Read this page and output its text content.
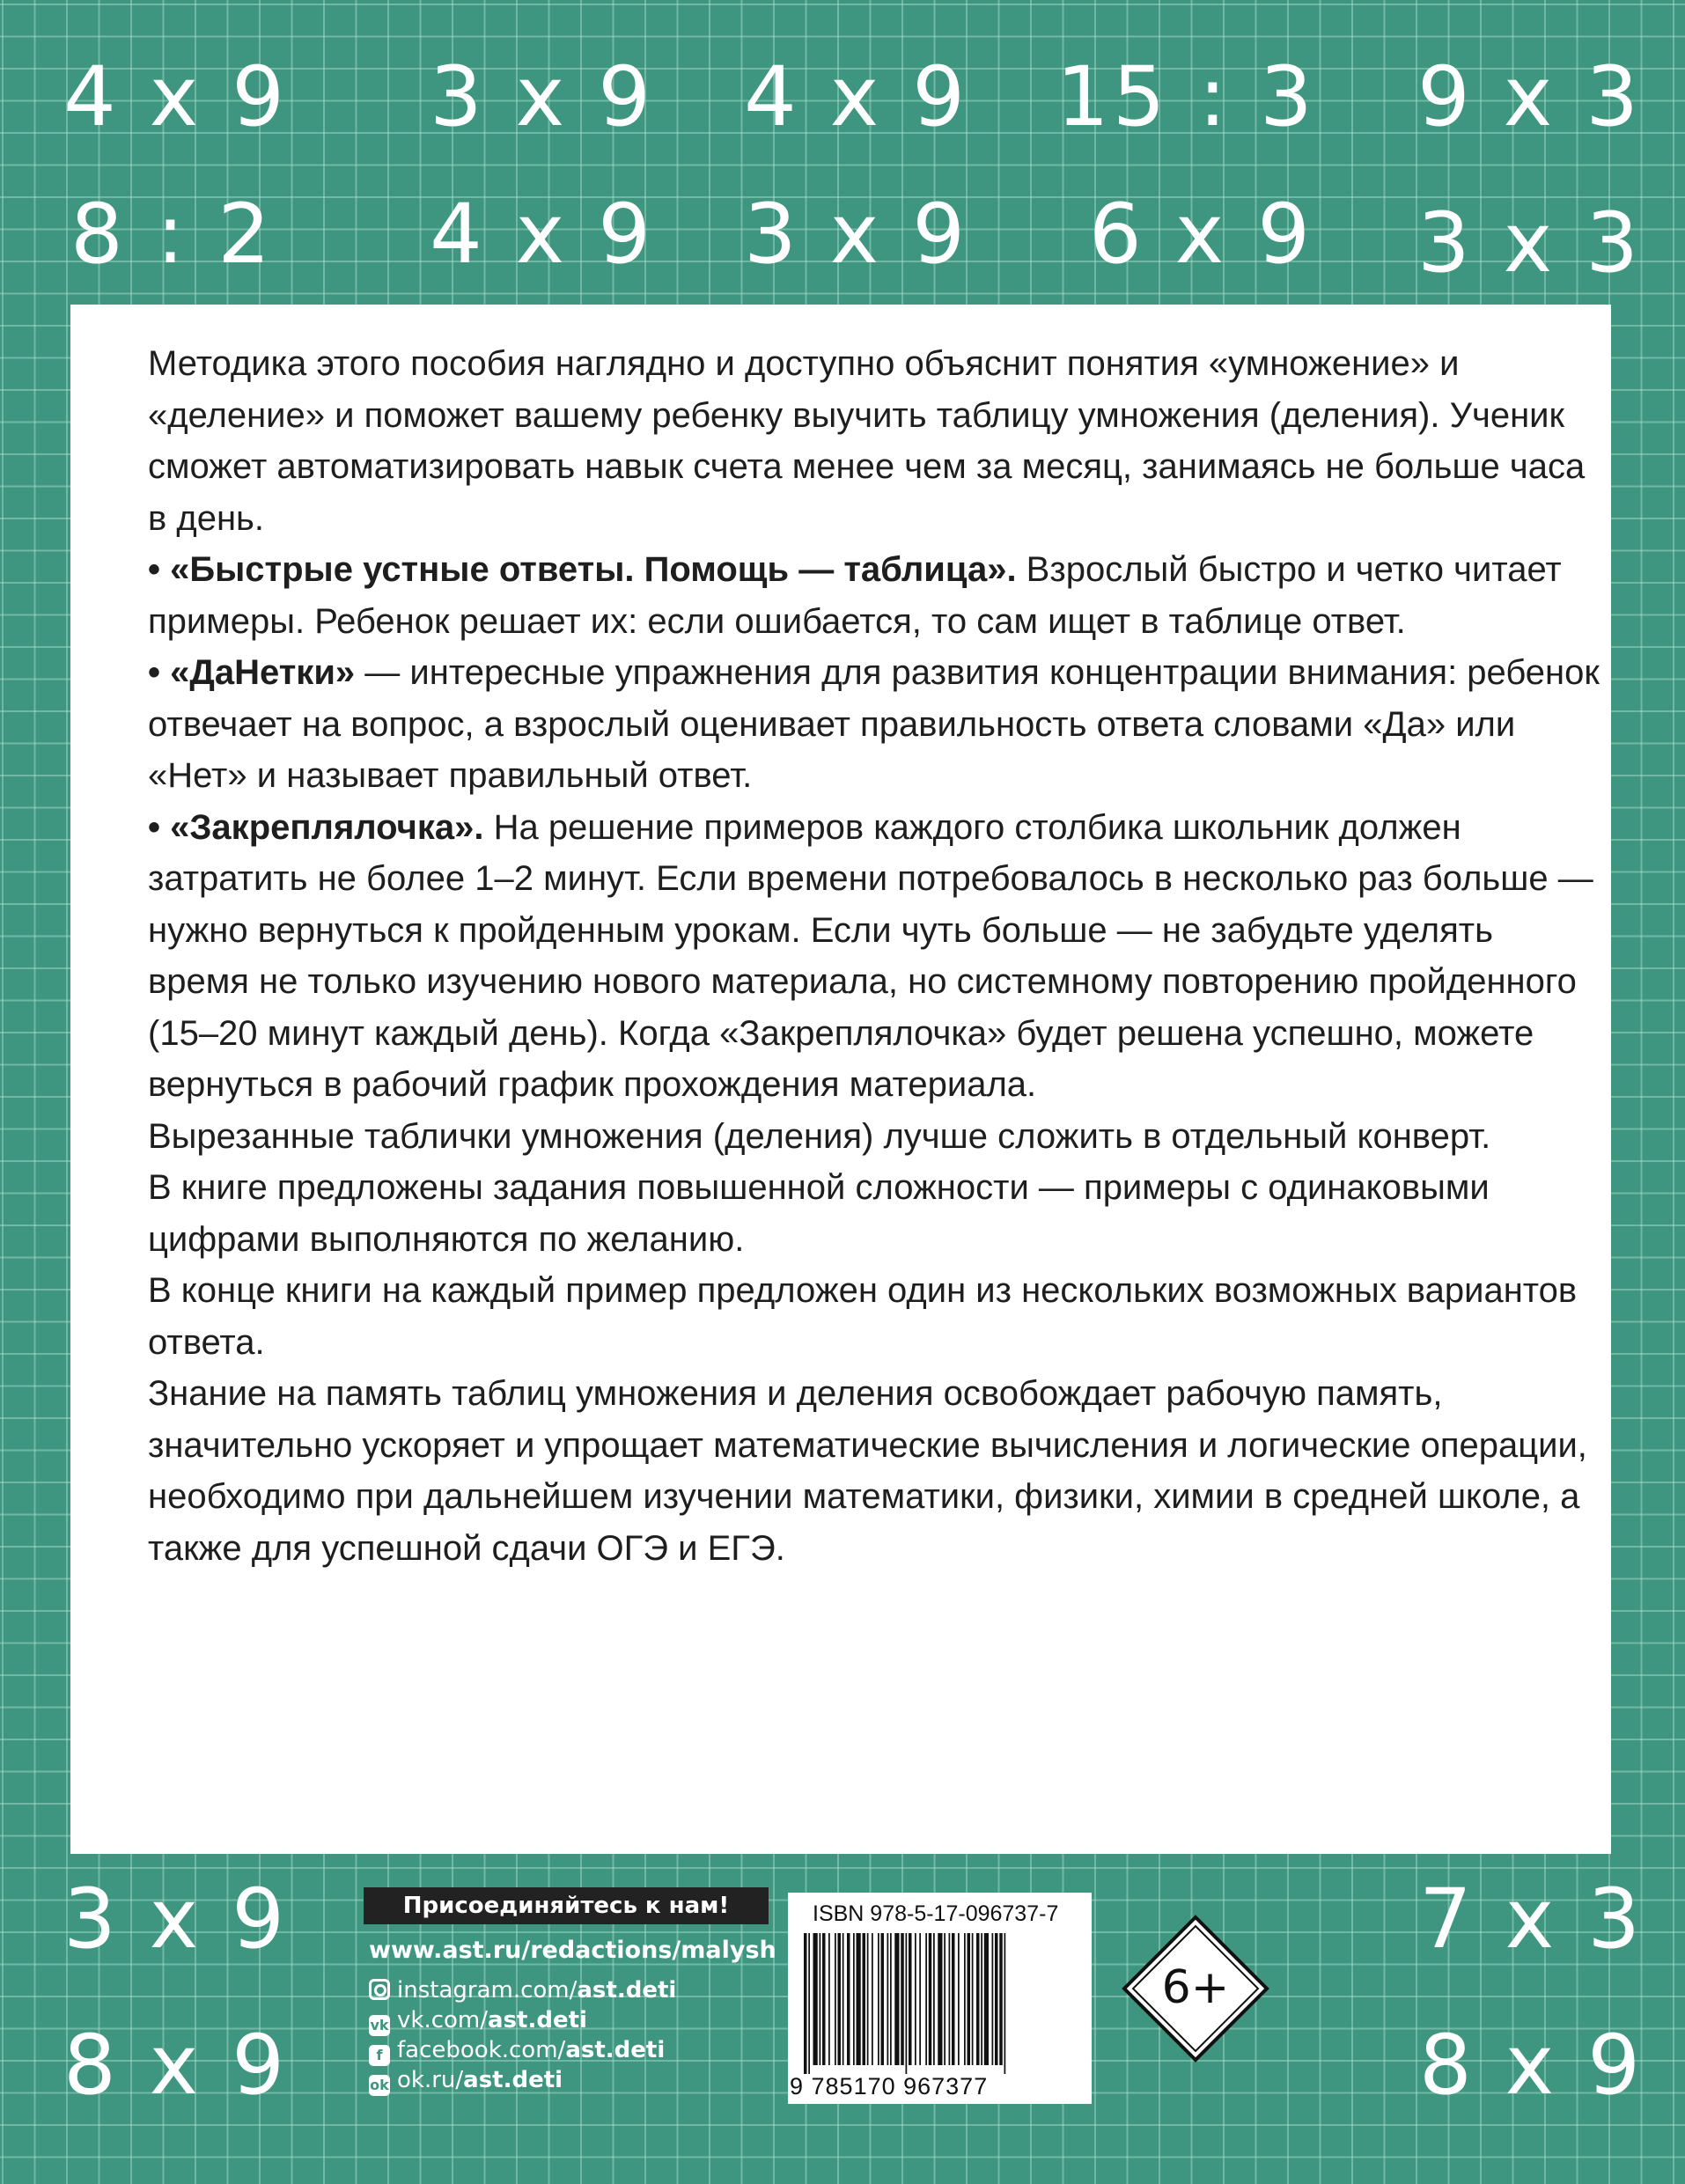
4 x 9 3 x 9 4 x 9 15 : 3 9 x 3
8 : 2 4 x 9 3 x 9 6 x 9 3 x 3

Методика этого пособия наглядно и доступно объяснит понятия «умножение» и «деление» и поможет вашему ребенку выучить таблицу умножения (деления). Ученик сможет автоматизировать навык счета менее чем за месяц, занимаясь не больше часа в день.

• «Быстрые устные ответы. Помощь — таблица». Взрослый быстро и четко читает примеры. Ребенок решает их: если ошибается, то сам ищет в таблице ответ.

• «ДаНетки» — интересные упражнения для развития концентрации внимания: ребенок отвечает на вопрос, а взрослый оценивает правильность ответа словами «Да» или «Нет» и называет правильный ответ.

• «Закреплялочка». На решение примеров каждого столбика школьник должен затратить не более 1–2 минут. Если времени потребовалось в несколько раз больше — нужно вернуться к пройденным урокам. Если чуть больше — не забудьте уделять время не только изучению нового материала, но системному повторению пройденного (15–20 минут каждый день). Когда «Закреплялочка» будет решена успешно, можете вернуться в рабочий график прохождения материала.

Вырезанные таблички умножения (деления) лучше сложить в отдельный конверт.

В книге предложены задания повышенной сложности — примеры с одинаковыми цифрами выполняются по желанию.

В конце книги на каждый пример предложен один из нескольких возможных вариантов ответа.

Знание на память таблиц умножения и деления освобождает рабочую память, значительно ускоряет и упрощает математические вычисления и логические операции, необходимо при дальнейшем изучении математики, физики, химии в средней школе, а также для успешной сдачи ОГЭ и ЕГЭ.

3 x 9	7 x 3
8 x 9	8 x 9
Присоединяйтесь к нам!
www.ast.ru/redactions/malysh
instagram.com/ast.deti
vk vk.com/ast.deti
f facebook.com/ast.deti
ok ok.ru/ast.deti
ISBN 978-5-17-096737-7
9 785170 967377
6+
